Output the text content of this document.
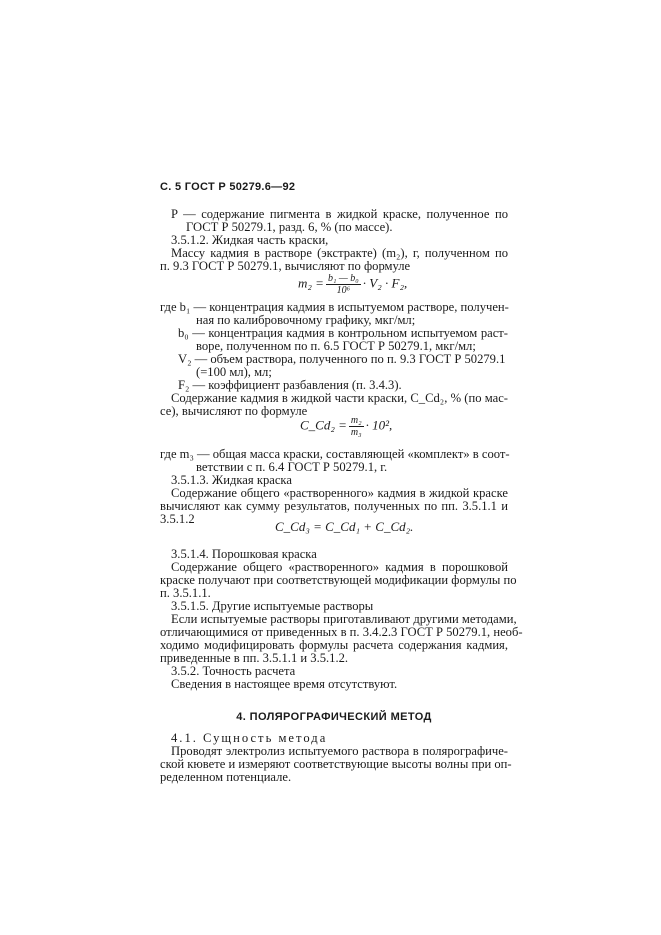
С. 5 ГОСТ Р 50279.6—92
P — содержание пигмента в жидкой краске, полученное по
ГОСТ Р 50279.1, разд. 6, % (по массе).
3.5.1.2. Жидкая часть краски,
Массу кадмия в растворе (экстракте) (m₂), г, полученном по
п. 9.3 ГОСТ Р 50279.1, вычисляют по формуле
$m_2 = \frac{\text{b₁ — b₀}}{\text{10⁶}} \cdot V_2 \cdot F_2$,
где b₁ — концентрация кадмия в испытуемом растворе, получен-
ная по калибровочному графику, мкг/мл;
b₀ — концентрация кадмия в контрольном испытуемом раст-
воре, полученном по п. 6.5 ГОСТ Р 50279.1, мкг/мл;
V₂ — объем раствора, полученного по п. 9.3 ГОСТ Р 50279.1
(=100 мл), мл;
F₂ — коэффициент разбавления (п. 3.4.3).
Содержание кадмия в жидкой части краски, C_Cd₂, % (по мас-
се), вычисляют по формуле
C_Cd₂ = $\frac{\text{m₂}}{\text{m₃}} \cdot 10^2$,
где m₃ — общая масса краски, составляющей «комплект» в соот-
ветствии с п. 6.4 ГОСТ Р 50279.1, г.
3.5.1.3. Жидкая краска
Содержание общего «растворенного» кадмия в жидкой краске
вычисляют как сумму результатов, полученных по пп. 3.5.1.1 и
3.5.1.2	C_Cd₃ = C_Cd₁ + C_Cd₂.
3.5.1.4. Порошковая краска
Содержание общего «растворенного» кадмия в порошковой
краске получают при соответствующей модификации формулы по
п. 3.5.1.1.
3.5.1.5. Другие испытуемые растворы
Если испытуемые растворы приготавливают другими методами,
отличающимися от приведенных в п. 3.4.2.3 ГОСТ Р 50279.1, необ-
ходимо модифицировать формулы расчета содержания кадмия,
приведенные в пп. 3.5.1.1 и 3.5.1.2.
3.5.2. Точность расчета
Сведения в настоящее время отсутствуют.
4. ПОЛЯРОГРАФИЧЕСКИЙ МЕТОД
4.1. Сущность метода
Проводят электролиз испытуемого раствора в полярографиче-
ской кювете и измеряют соответствующие высоты волны при оп-
ределенном потенциале.
